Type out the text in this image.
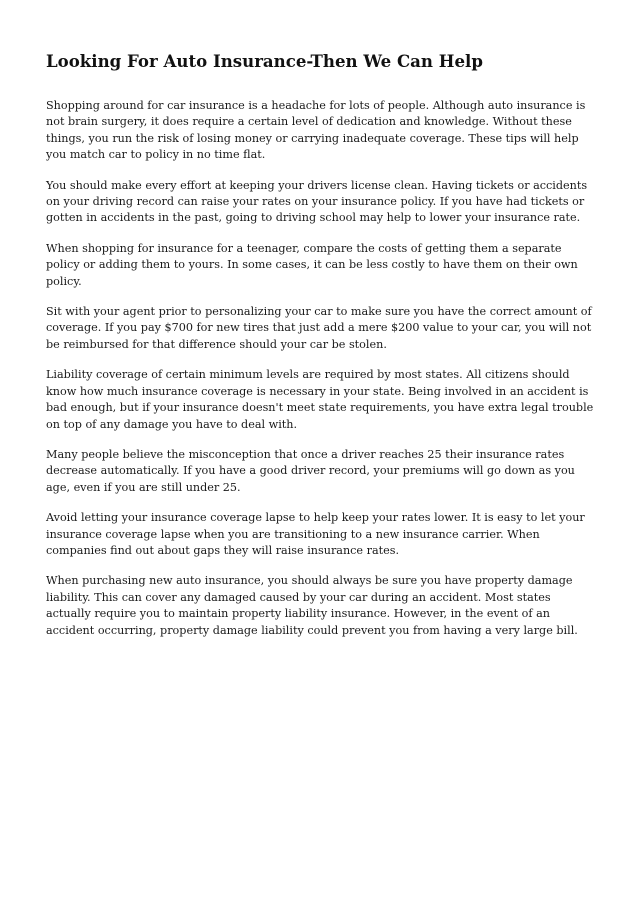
Looking For Auto Insurance-Then We Can Help

Shopping around for car insurance is a headache for lots of people. Although auto insurance is not brain surgery, it does require a certain level of dedication and knowledge. Without these things, you run the risk of losing money or carrying inadequate coverage. These tips will help you match car to policy in no time flat.

You should make every effort at keeping your drivers license clean. Having tickets or accidents on your driving record can raise your rates on your insurance policy. If you have had tickets or gotten in accidents in the past, going to driving school may help to lower your insurance rate.

When shopping for insurance for a teenager, compare the costs of getting them a separate policy or adding them to yours. In some cases, it can be less costly to have them on their own policy.

Sit with your agent prior to personalizing your car to make sure you have the correct amount of coverage. If you pay $700 for new tires that just add a mere $200 value to your car, you will not be reimbursed for that difference should your car be stolen.

Liability coverage of certain minimum levels are required by most states. All citizens should know how much insurance coverage is necessary in your state. Being involved in an accident is bad enough, but if your insurance doesn't meet state requirements, you have extra legal trouble on top of any damage you have to deal with.

Many people believe the misconception that once a driver reaches 25 their insurance rates decrease automatically. If you have a good driver record, your premiums will go down as you age, even if you are still under 25.

Avoid letting your insurance coverage lapse to help keep your rates lower. It is easy to let your insurance coverage lapse when you are transitioning to a new insurance carrier. When companies find out about gaps they will raise insurance rates.

When purchasing new auto insurance, you should always be sure you have property damage liability. This can cover any damaged caused by your car during an accident. Most states actually require you to maintain property liability insurance. However, in the event of an accident occurring, property damage liability could prevent you from having a very large bill.
